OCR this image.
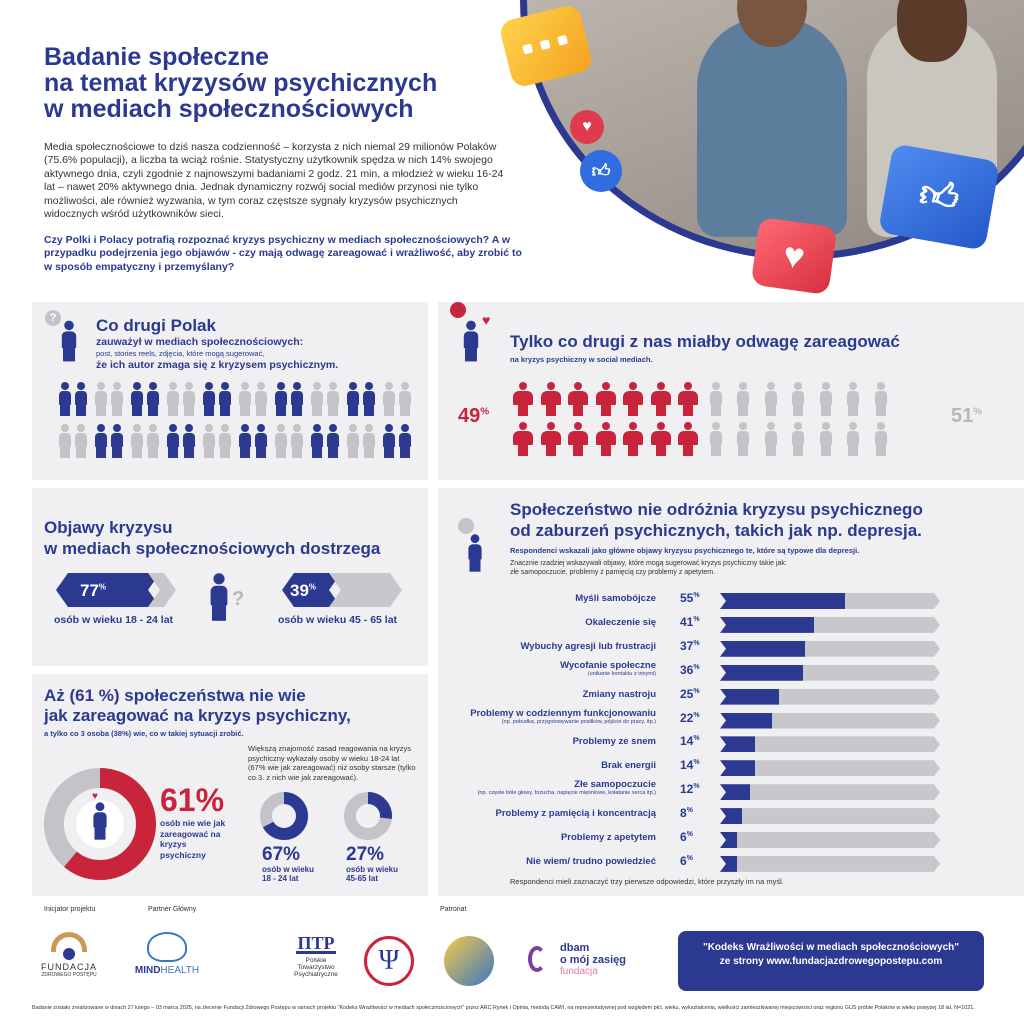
Badanie społeczne
na temat kryzysów psychicznych
w mediach społecznościowych

Media społecznościowe to dziś nasza codzienność – korzysta z nich niemal 29 milionów Polaków (75.6% populacji), a liczba ta wciąż rośnie. Statystyczny użytkownik spędza w nich 14% swojego aktywnego dnia, czyli zgodnie z najnowszymi badaniami 2 godz. 21 min, a młodzież w wieku 16-24 lat – nawet 20% aktywnego dnia. Jednak dynamiczny rozwój social mediów przynosi nie tylko możliwości, ale również wyzwania, w tym coraz częstsze sygnały kryzysów psychicznych widocznych wśród użytkowników sieci.

Czy Polki i Polacy potrafią rozpoznać kryzys psychiczny w mediach społecznościowych? A w przypadku podejrzenia jego objawów - czy mają odwagę zareagować i wrażliwość, aby zrobić to w sposób empatyczny i przemyślany?

♥
👍︎
👍︎
♥
? Co drugi Polak
zauważył w mediach społecznościowych:
post, stories reels, zdjęcia, które mogą sugerować,
że ich autor zmaga się z kryzysem psychicznym.
♥
Tylko co drugi z nas miałby odwagę zareagować
na kryzys psychiczny w social mediach.
49%	51%
Objawy kryzysu
w mediach społecznościowych dostrzega
77%
osób w wieku 18 - 24 lat
?	39%
osób w wieku 45 - 65 lat
Aż (61 %) społeczeństwa nie wie
jak zareagować na kryzys psychiczny,
a tylko co 3 osoba (38%) wie, co w takiej sytuacji zrobić.
Większą znajomość zasad reagowania na kryzys psychiczny wykazały osoby w wieku 18-24 lat (67% wie jak zareagować) niż osoby starsze (tylko co 3. z nich wie jak zareagować).
♥ 61%
osób nie wie jak zareagować na kryzys psychiczny	67%
osób w wieku
18 - 24 lat
27%
osób w wieku
45-65 lat
Społeczeństwo nie odróżnia kryzysu psychicznego
od zaburzeń psychicznych, takich jak np. depresja.
Respondenci wskazali jako główne objawy kryzysu psychicznego te, które są typowe dla depresji.
Znacznie rzadziej wskazywali objawy, które mogą sugerować kryzys psychiczny takie jak:
złe samopoczucie, problemy z pamięcią czy problemy z apetytem.
Respondenci mieli zaznaczyć trzy pierwsze odpowiedzi, które przyszły im na myśl.
Myśli samobójcze 55%
Okaleczenie się 41%
Wybuchy agresji lub frustracji 37%
Wycofanie społeczne
(unikanie kontaktu z innymi) 36%
Zmiany nastroju 25%
Problemy w codziennym funkcjonowaniu
(np. pobudka, przygotowywanie posiłków, pójście do pracy, itp.) 22%
Problemy ze snem 14%
Brak energii 14%
Złe samopoczucie
(np. częste bóle głowy, brzucha, napięcie mięśniowe, kołatanie serca itp.) 12%
Problemy z pamięcią i koncentracją 8%
Problemy z apetytem 6%
Nie wiem/ trudno powiedzieć 6%
Inicjator projektu	Partner Główny	Patronat
FUNDACJA
ZDROWEGO POSTĘPU	MINDHEALTH
ΠΤΡ
Polskie
Towarzystwo
Psychiatryczne	Ψ	dbam
o mój zasięg
fundacja
"Kodeks Wrażliwości w mediach społecznościowych"
ze strony www.fundacjazdrowegopostepu.com
Badanie zostało zrealizowane w dniach 27 lutego – 03 marca 2025, na zlecenie Fundacji Zdrowego Postępu w ramach projektu "Kodeks Wrażliwości w mediach społecznościowych" przez ARC Rynek i Opinia, metodą CAWI, na reprezentatywnej pod względem płci, wieku, wykształcenia, wielkości zamieszkiwanej miejscowości oraz regionu GUS próbie Polaków w wieku powyżej 18 lat, N=1021.
